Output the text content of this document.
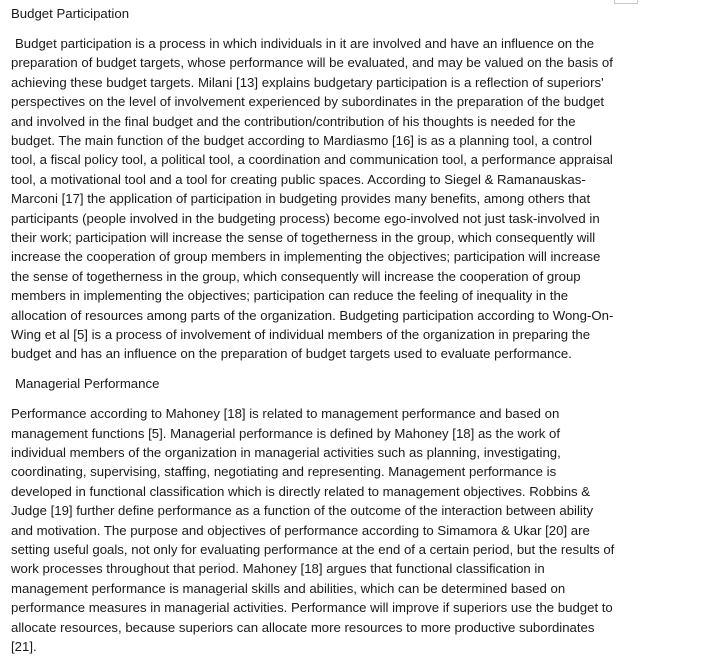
Budget Participation

Budget participation is a process in which individuals in it are involved and have an influence on the preparation of budget targets, whose performance will be evaluated, and may be valued on the basis of achieving these budget targets. Milani [13] explains budgetary participation is a reflection of superiors' perspectives on the level of involvement experienced by subordinates in the preparation of the budget and involved in the final budget and the contribution/contribution of his thoughts is needed for the budget. The main function of the budget according to Mardiasmo [16] is as a planning tool, a control tool, a fiscal policy tool, a political tool, a coordination and communication tool, a performance appraisal tool, a motivational tool and a tool for creating public spaces. According to Siegel & Ramanauskas-Marconi [17] the application of participation in budgeting provides many benefits, among others that participants (people involved in the budgeting process) become ego-involved not just task-involved in their work; participation will increase the sense of togetherness in the group, which consequently will increase the cooperation of group members in implementing the objectives; participation will increase the sense of togetherness in the group, which consequently will increase the cooperation of group members in implementing the objectives; participation can reduce the feeling of inequality in the allocation of resources among parts of the organization. Budgeting participation according to Wong-On-Wing et al [5] is a process of involvement of individual members of the organization in preparing the budget and has an influence on the preparation of budget targets used to evaluate performance.

Managerial Performance

Performance according to Mahoney [18] is related to management performance and based on management functions [5]. Managerial performance is defined by Mahoney [18] as the work of individual members of the organization in managerial activities such as planning, investigating, coordinating, supervising, staffing, negotiating and representing. Management performance is developed in functional classification which is directly related to management objectives. Robbins & Judge [19] further define performance as a function of the outcome of the interaction between ability and motivation. The purpose and objectives of performance according to Simamora & Ukar [20] are setting useful goals, not only for evaluating performance at the end of a certain period, but the results of work processes throughout that period. Mahoney [18] argues that functional classification in management performance is managerial skills and abilities, which can be determined based on performance measures in managerial activities. Performance will improve if superiors use the budget to allocate resources, because superiors can allocate more resources to more productive subordinates [21].
